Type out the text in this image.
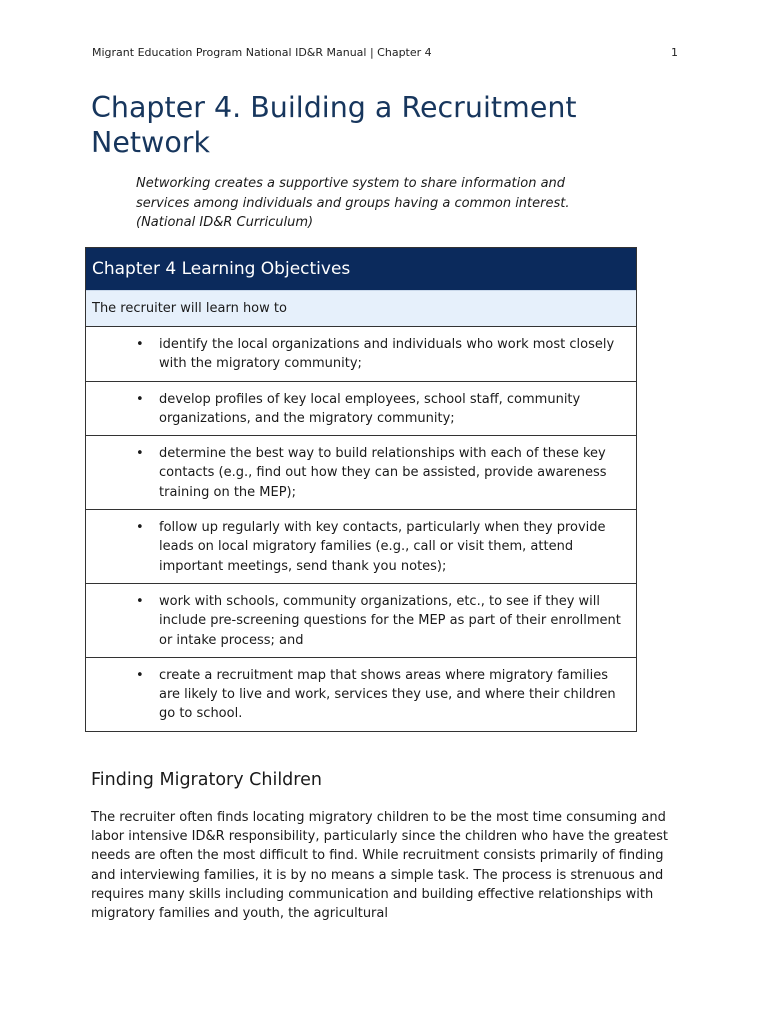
Migrant Education Program National ID&R Manual | Chapter 4	1
Chapter 4. Building a Recruitment Network

Networking creates a supportive system to share information and services among individuals and groups having a common interest. (National ID&R Curriculum)

Chapter 4 Learning Objectives
The recruiter will learn how to
• identify the local organizations and individuals who work most closely with the migratory community;
• develop profiles of key local employees, school staff, community organizations, and the migratory community;
• determine the best way to build relationships with each of these key contacts (e.g., find out how they can be assisted, provide awareness training on the MEP);
• follow up regularly with key contacts, particularly when they provide leads on local migratory families (e.g., call or visit them, attend important meetings, send thank you notes);
• work with schools, community organizations, etc., to see if they will include pre-screening questions for the MEP as part of their enrollment or intake process; and
• create a recruitment map that shows areas where migratory families are likely to live and work, services they use, and where their children go to school.
Finding Migratory Children

The recruiter often finds locating migratory children to be the most time consuming and labor intensive ID&R responsibility, particularly since the children who have the greatest needs are often the most difficult to find. While recruitment consists primarily of finding and interviewing families, it is by no means a simple task. The process is strenuous and requires many skills including communication and building effective relationships with migratory families and youth, the agricultural
